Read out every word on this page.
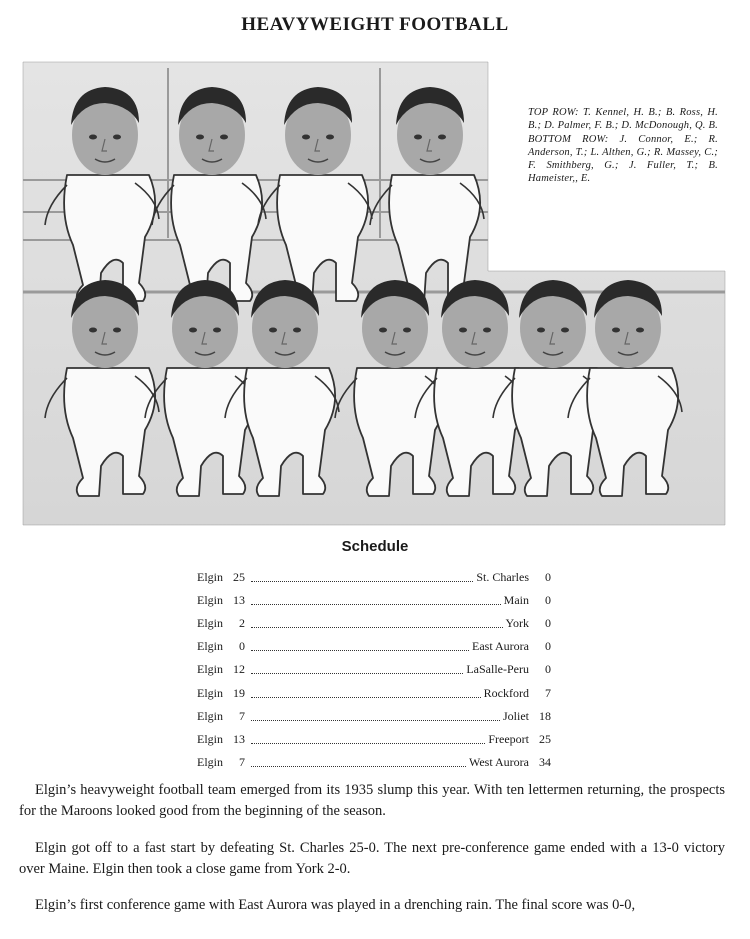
HEAVYWEIGHT FOOTBALL
TOP ROW: T. Kennel, H. B.; B. Ross, H. B.; D. Palmer, F. B.; D. McDonough, Q. B. BOTTOM ROW: J. Connor, E.; R. Anderson, T.; L. Althen, G.; R. Massey, C.; F. Smithberg, G.; J. Fuller, T.; B. Hameister,, E.
Schedule
Elgin 25	St. Charles	0
Elgin 13	Main	0
Elgin	2	York	0
Elgin	0	East Aurora	0
Elgin 12	LaSalle-Peru	0
Elgin 19	Rockford	7
Elgin	7	Joliet 18
Elgin 13	Freeport 25
Elgin	7	West Aurora 34

Elgin’s heavyweight football team emerged from its 1935 slump this year. With ten lettermen returning, the prospects for the Maroons looked good from the beginning of the season.

Elgin got off to a fast start by defeating St. Charles 25-0. The next pre-conference game ended with a 13-0 victory over Maine. Elgin then took a close game from York 2-0.

Elgin’s first conference game with East Aurora was played in a drenching rain. The final score was 0-0,
